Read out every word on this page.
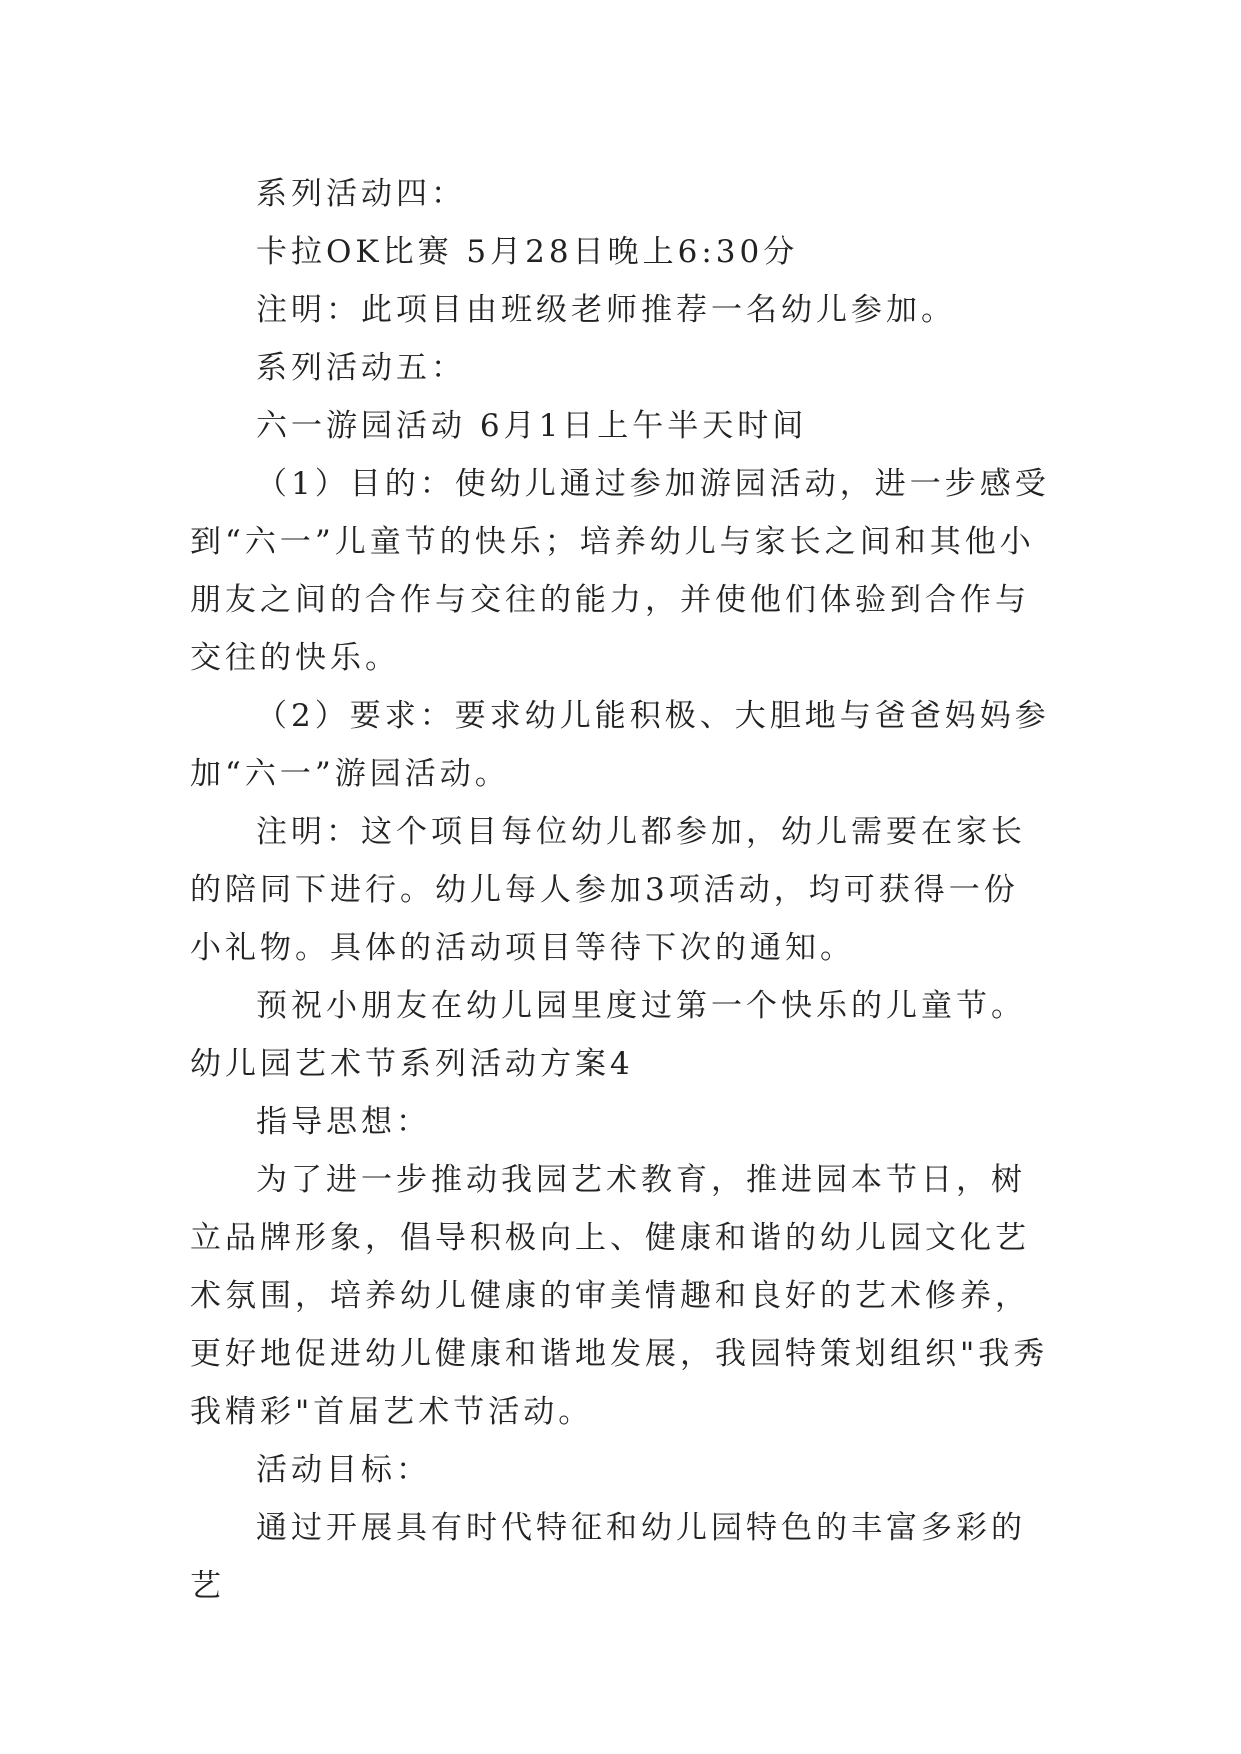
系列活动四：

卡拉OK比赛 5月28日晚上6:30分

注明：此项目由班级老师推荐一名幼儿参加。

系列活动五：

六一游园活动 6月1日上午半天时间

（1）目的：使幼儿通过参加游园活动，进一步感受到“六一”儿童节的快乐；培养幼儿与家长之间和其他小朋友之间的合作与交往的能力，并使他们体验到合作与交往的快乐。

（2）要求：要求幼儿能积极、大胆地与爸爸妈妈参加“六一”游园活动。

注明：这个项目每位幼儿都参加，幼儿需要在家长的陪同下进行。幼儿每人参加3项活动，均可获得一份小礼物。具体的活动项目等待下次的通知。

预祝小朋友在幼儿园里度过第一个快乐的儿童节。

幼儿园艺术节系列活动方案4

指导思想：

为了进一步推动我园艺术教育，推进园本节日，树立品牌形象，倡导积极向上、健康和谐的幼儿园文化艺术氛围，培养幼儿健康的审美情趣和良好的艺术修养，更好地促进幼儿健康和谐地发展，我园特策划组织"我秀我精彩"首届艺术节活动。

活动目标：

通过开展具有时代特征和幼儿园特色的丰富多彩的艺
